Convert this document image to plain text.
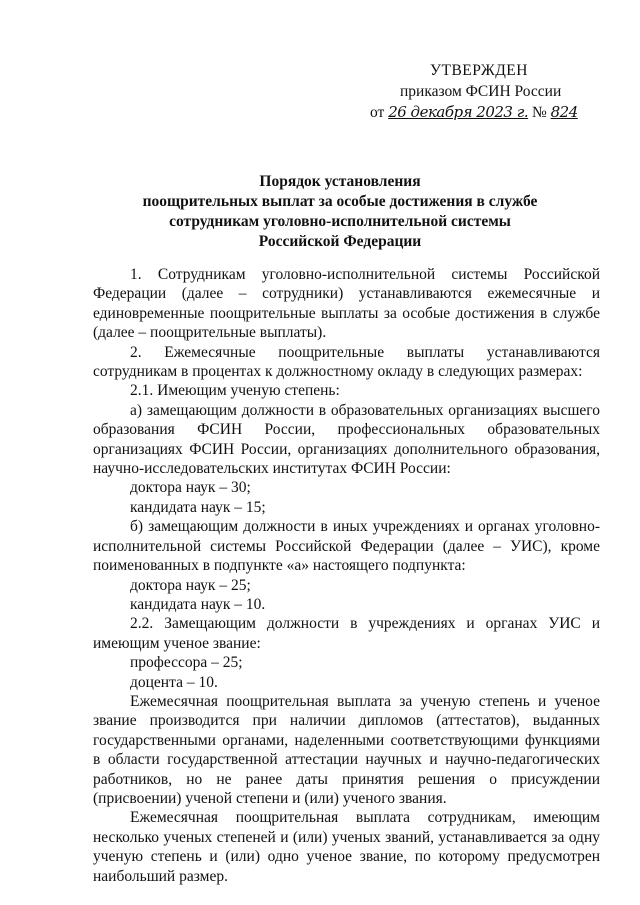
УТВЕРЖДЕН
приказом ФСИН России
от 26 декабря 2023 г. № 824
Порядок установления
поощрительных выплат за особые достижения в службе
сотрудникам уголовно-исполнительной системы
Российской Федерации

1. Сотрудникам уголовно-исполнительной системы Российской Федерации (далее – сотрудники) устанавливаются ежемесячные и единовременные поощрительные выплаты за особые достижения в службе (далее – поощрительные выплаты).

2. Ежемесячные поощрительные выплаты устанавливаются сотрудникам в процентах к должностному окладу в следующих размерах:

2.1. Имеющим ученую степень:

а) замещающим должности в образовательных организациях высшего образования ФСИН России, профессиональных образовательных организациях ФСИН России, организациях дополнительного образования, научно-исследовательских институтах ФСИН России:

доктора наук – 30;

кандидата наук – 15;

б) замещающим должности в иных учреждениях и органах уголовно-исполнительной системы Российской Федерации (далее – УИС), кроме поименованных в подпункте «а» настоящего подпункта:

доктора наук – 25;

кандидата наук – 10.

2.2. Замещающим должности в учреждениях и органах УИС и имеющим ученое звание:

профессора – 25;

доцента – 10.

Ежемесячная поощрительная выплата за ученую степень и ученое звание производится при наличии дипломов (аттестатов), выданных государственными органами, наделенными соответствующими функциями в области государственной аттестации научных и научно-педагогических работников, но не ранее даты принятия решения о присуждении (присвоении) ученой степени и (или) ученого звания.

Ежемесячная поощрительная выплата сотрудникам, имеющим несколько ученых степеней и (или) ученых званий, устанавливается за одну ученую степень и (или) одно ученое звание, по которому предусмотрен наибольший размер.
